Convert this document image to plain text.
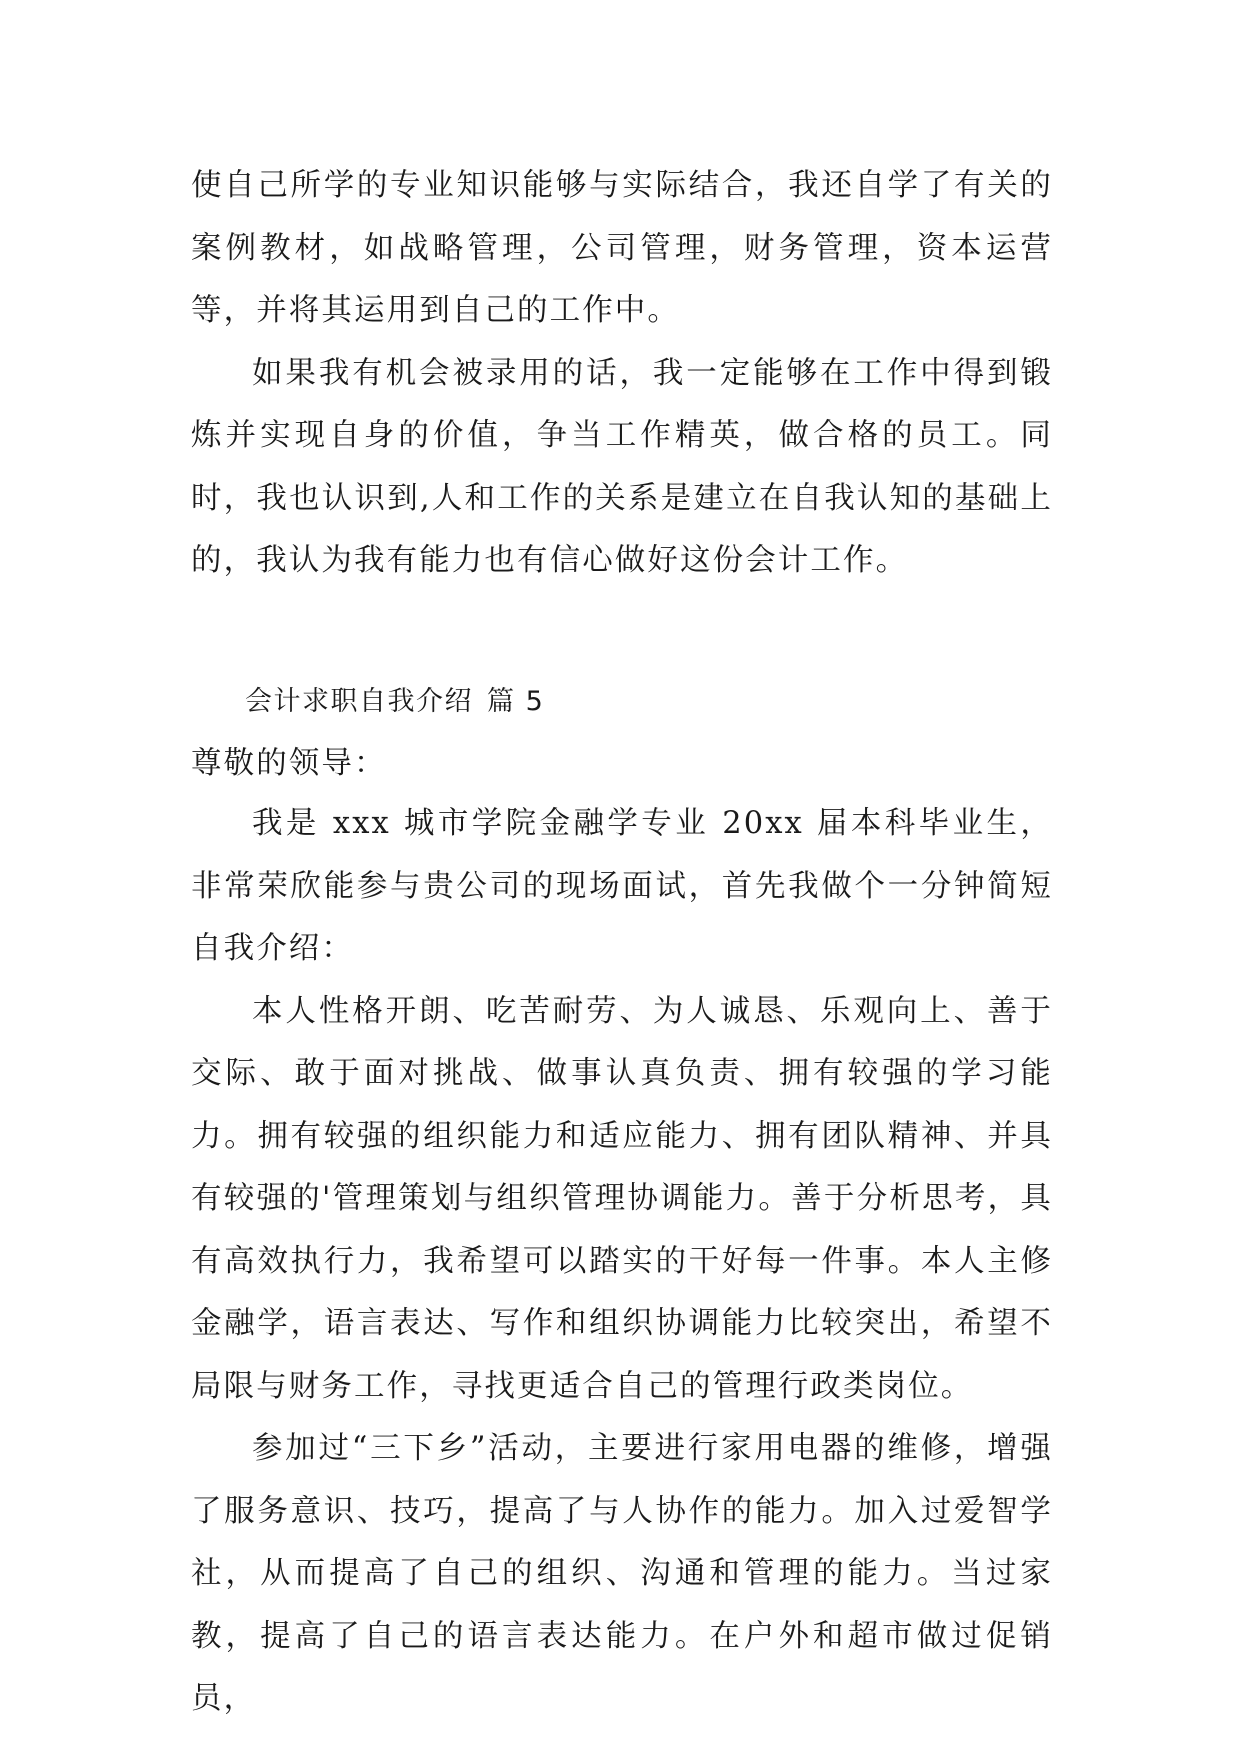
使自己所学的专业知识能够与实际结合，我还自学了有关的案例教材，如战略管理，公司管理，财务管理，资本运营等，并将其运用到自己的工作中。

如果我有机会被录用的话，我一定能够在工作中得到锻炼并实现自身的价值，争当工作精英，做合格的员工。同时，我也认识到,人和工作的关系是建立在自我认知的基础上的，我认为我有能力也有信心做好这份会计工作。

会计求职自我介绍 篇 5

尊敬的领导：

我是 xxx 城市学院金融学专业 20xx 届本科毕业生，非常荣欣能参与贵公司的现场面试，首先我做个一分钟简短自我介绍：

本人性格开朗、吃苦耐劳、为人诚恳、乐观向上、善于交际、敢于面对挑战、做事认真负责、拥有较强的学习能力。拥有较强的组织能力和适应能力、拥有团队精神、并具有较强的'管理策划与组织管理协调能力。善于分析思考，具有高效执行力，我希望可以踏实的干好每一件事。本人主修金融学，语言表达、写作和组织协调能力比较突出，希望不局限与财务工作，寻找更适合自己的管理行政类岗位。

参加过“三下乡”活动，主要进行家用电器的维修，增强了服务意识、技巧，提高了与人协作的能力。加入过爱智学社，从而提高了自己的组织、沟通和管理的能力。当过家教，提高了自己的语言表达能力。在户外和超市做过促销员，
